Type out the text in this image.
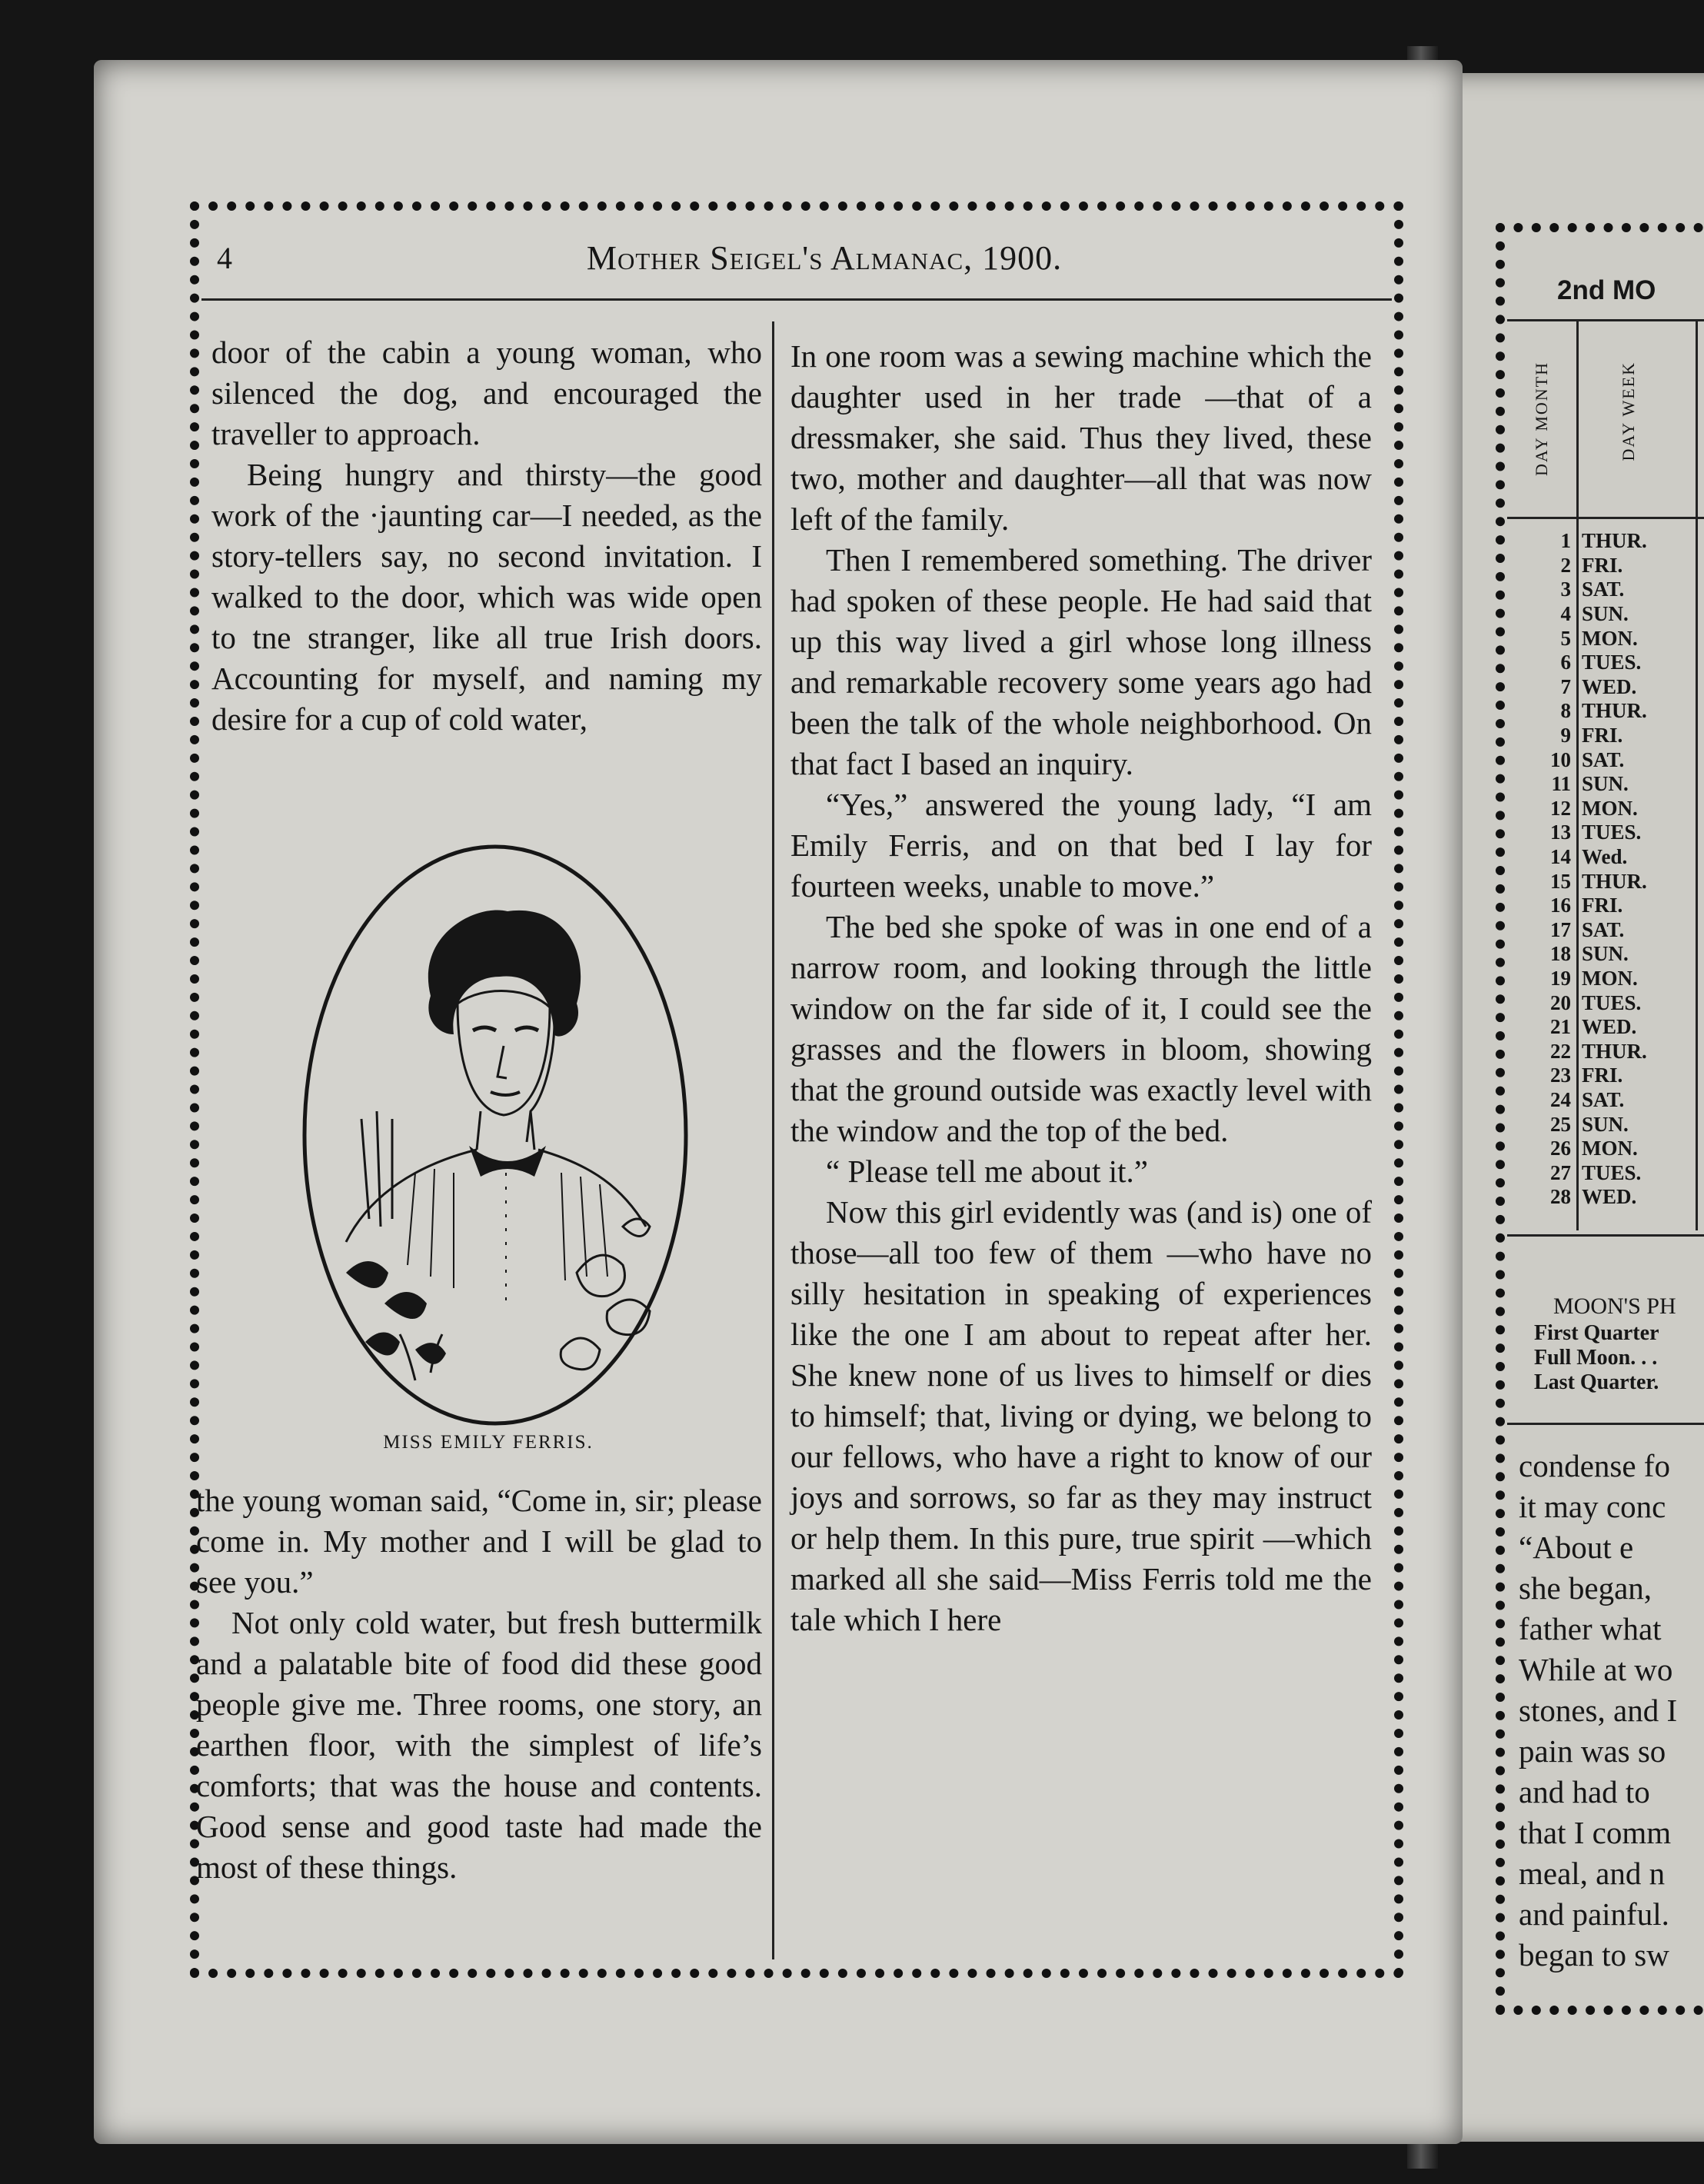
4	Mother Seigel's Almanac, 1900.

door of the cabin a young woman, who silenced the dog, and encouraged the traveller to approach.

Being hungry and thirsty—the good work of the ·jaunting car—I needed, as the story-tellers say, no second invitation. I walked to the door, which was wide open to tne stranger, like all true Irish doors. Accounting for myself, and naming my desire for a cup of cold water,

MISS EMILY FERRIS.

the young woman said, “Come in, sir; please come in. My mother and I will be glad to see you.”

Not only cold water, but fresh buttermilk and a palatable bite of food did these good people give me. Three rooms, one story, an earthen floor, with the simplest of life’s comforts; that was the house and contents. Good sense and good taste had made the most of these things.

In one room was a sewing machine which the daughter used in her trade —that of a dressmaker, she said. Thus they lived, these two, mother and daughter—all that was now left of the family.

Then I remembered something. The driver had spoken of these people. He had said that up this way lived a girl whose long illness and remarkable recovery some years ago had been the talk of the whole neighborhood. On that fact I based an inquiry.

“Yes,” answered the young lady, “I am Emily Ferris, and on that bed I lay for fourteen weeks, unable to move.”

The bed she spoke of was in one end of a narrow room, and looking through the little window on the far side of it, I could see the grasses and the flowers in bloom, showing that the ground outside was exactly level with the window and the top of the bed.

“ Please tell me about it.”

Now this girl evidently was (and is) one of those—all too few of them —who have no silly hesitation in speaking of experiences like the one I am about to repeat after her. She knew none of us lives to himself or dies to himself; that, living or dying, we belong to our fellows, who have a right to know of our joys and sorrows, so far as they may instruct or help them. In this pure, true spirit —which marked all she said—Miss Ferris told me the tale which I here

2nd MO
DAY MONTH	DAY WEEK
1 THUR.
2 FRI.
3 SAT.
4 SUN.
5 MON.
6 TUES.
7 WED.
8 THUR.
9 FRI.
10 SAT.
11 SUN.
12 MON.
13 TUES.
14 Wed.
15 THUR.
16 FRI.
17 SAT.
18 SUN.
19 MON.
20 TUES.
21 WED.
22 THUR.
23 FRI.
24 SAT.
25 SUN.
26 MON.
27 TUES.
28 WED.
MOON'S PH
First Quarter
Full Moon. . .
Last Quarter.

condense fo

it may conc

“About e

she began,

father what

While at wo

stones, and I

pain was so

and had to

that I comm

meal, and n

and painful.

began to sw
